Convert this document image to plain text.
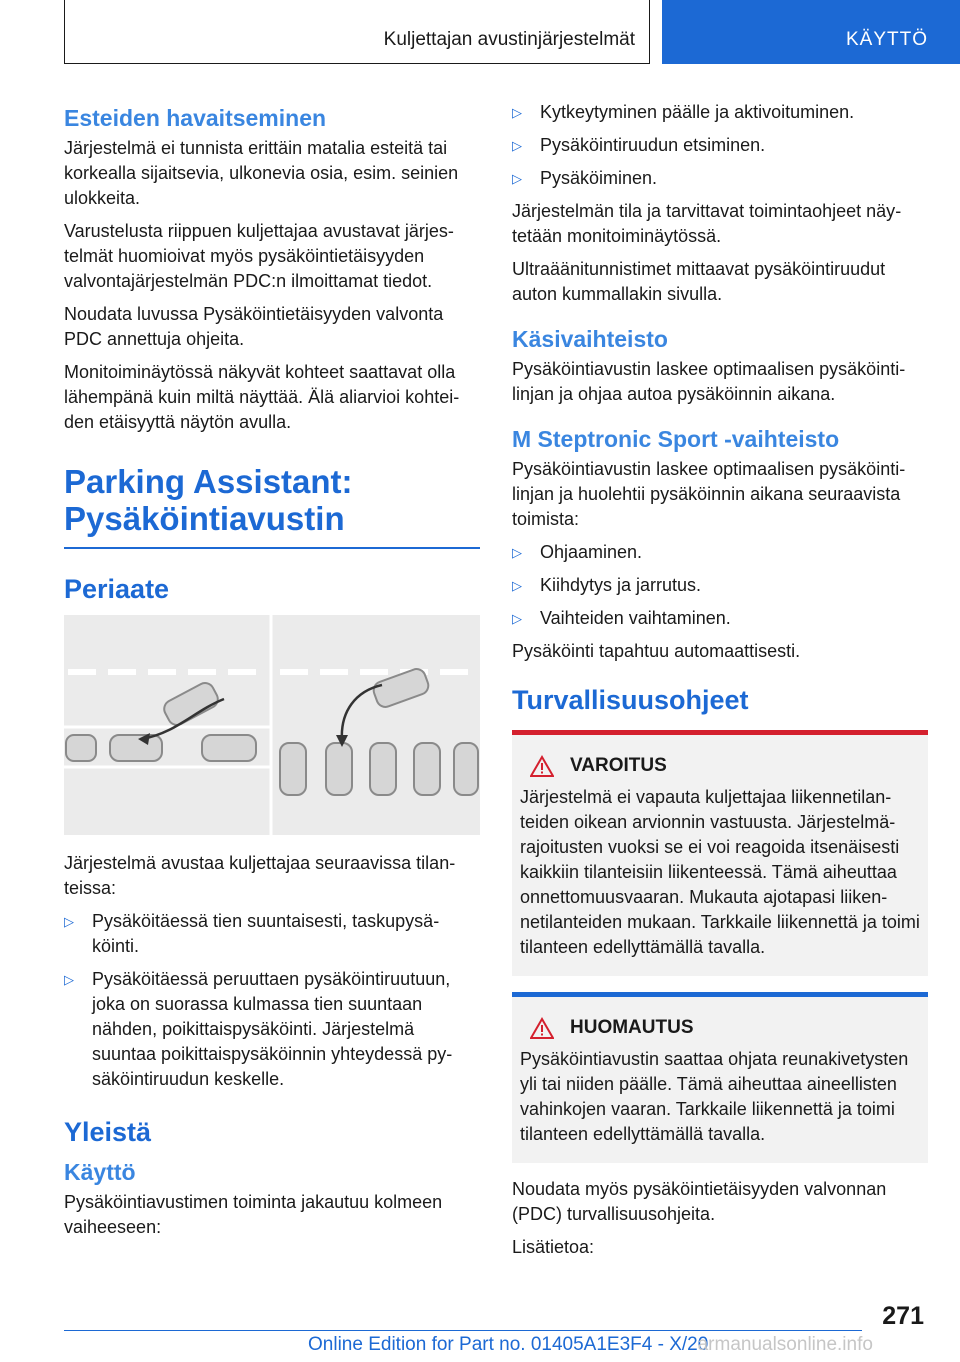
Kuljettajan avustinjärjestelmät	KÄYTTÖ
Esteiden havaitseminen
Järjestelmä ei tunnista erittäin matalia esteitä tai korkealla sijaitsevia, ulkonevia osia, esim. seinien ulokkeita.
Varustelusta riippuen kuljettajaa avustavat järjestelmät huomioivat myös pysäköintietäisyyden valvontajärjestelmän PDC:n ilmoittamat tiedot.
Noudata luvussa Pysäköintietäisyyden valvonta PDC annettuja ohjeita.
Monitoiminäytössä näkyvät kohteet saattavat olla lähempänä kuin miltä näyttää. Älä aliarvioi kohteiden etäisyyttä näytön avulla.
Parking Assistant:
Pysäköintiavustin
Periaate
Järjestelmä avustaa kuljettajaa seuraavissa tilanteissa:
▷ Pysäköitäessä tien suuntaisesti, taskupysäköinti.
▷ Pysäköitäessä peruuttaen pysäköintiruutuun, joka on suorassa kulmassa tien suuntaan nähden, poikittaispysäköinti. Järjestelmä suuntaa poikittaispysäköinnin yhteydessä pysäköintiruudun keskelle.
Yleistä
Käyttö
Pysäköintiavustimen toiminta jakautuu kolmeen vaiheeseen:
▷ Kytkeytyminen päälle ja aktivoituminen.
▷ Pysäköintiruudun etsiminen.
▷ Pysäköiminen.
Järjestelmän tila ja tarvittavat toimintaohjeet näytetään monitoiminäytössä.
Ultraäänitunnistimet mittaavat pysäköintiruudut auton kummallakin sivulla.
Käsivaihteisto
Pysäköintiavustin laskee optimaalisen pysäköintilinjan ja ohjaa autoa pysäköinnin aikana.
M Steptronic Sport -vaihteisto
Pysäköintiavustin laskee optimaalisen pysäköintilinjan ja huolehtii pysäköinnin aikana seuraavista toimista:
▷ Ohjaaminen.
▷ Kiihdytys ja jarrutus.
▷ Vaihteiden vaihtaminen.
Pysäköinti tapahtuu automaattisesti.
Turvallisuusohjeet
VAROITUS
Järjestelmä ei vapauta kuljettajaa liikennetilanteiden oikean arvionnin vastuusta. Järjestelmärajoitusten vuoksi se ei voi reagoida itsenäisesti kaikkiin tilanteisiin liikenteessä. Tämä aiheuttaa onnettomuusvaaran. Mukauta ajotapasi liikennetilanteiden mukaan. Tarkkaile liikennettä ja toimi tilanteen edellyttämällä tavalla.
HUOMAUTUS
Pysäköintiavustin saattaa ohjata reunakivetysten yli tai niiden päälle. Tämä aiheuttaa aineellisten vahinkojen vaaran. Tarkkaile liikennettä ja toimi tilanteen edellyttämällä tavalla.
Noudata myös pysäköintietäisyyden valvonnan (PDC) turvallisuusohjeita.
Lisätietoa:
271
Online Edition for Part no. 01405A1E3F4 - X/20 armanualsonline.info
